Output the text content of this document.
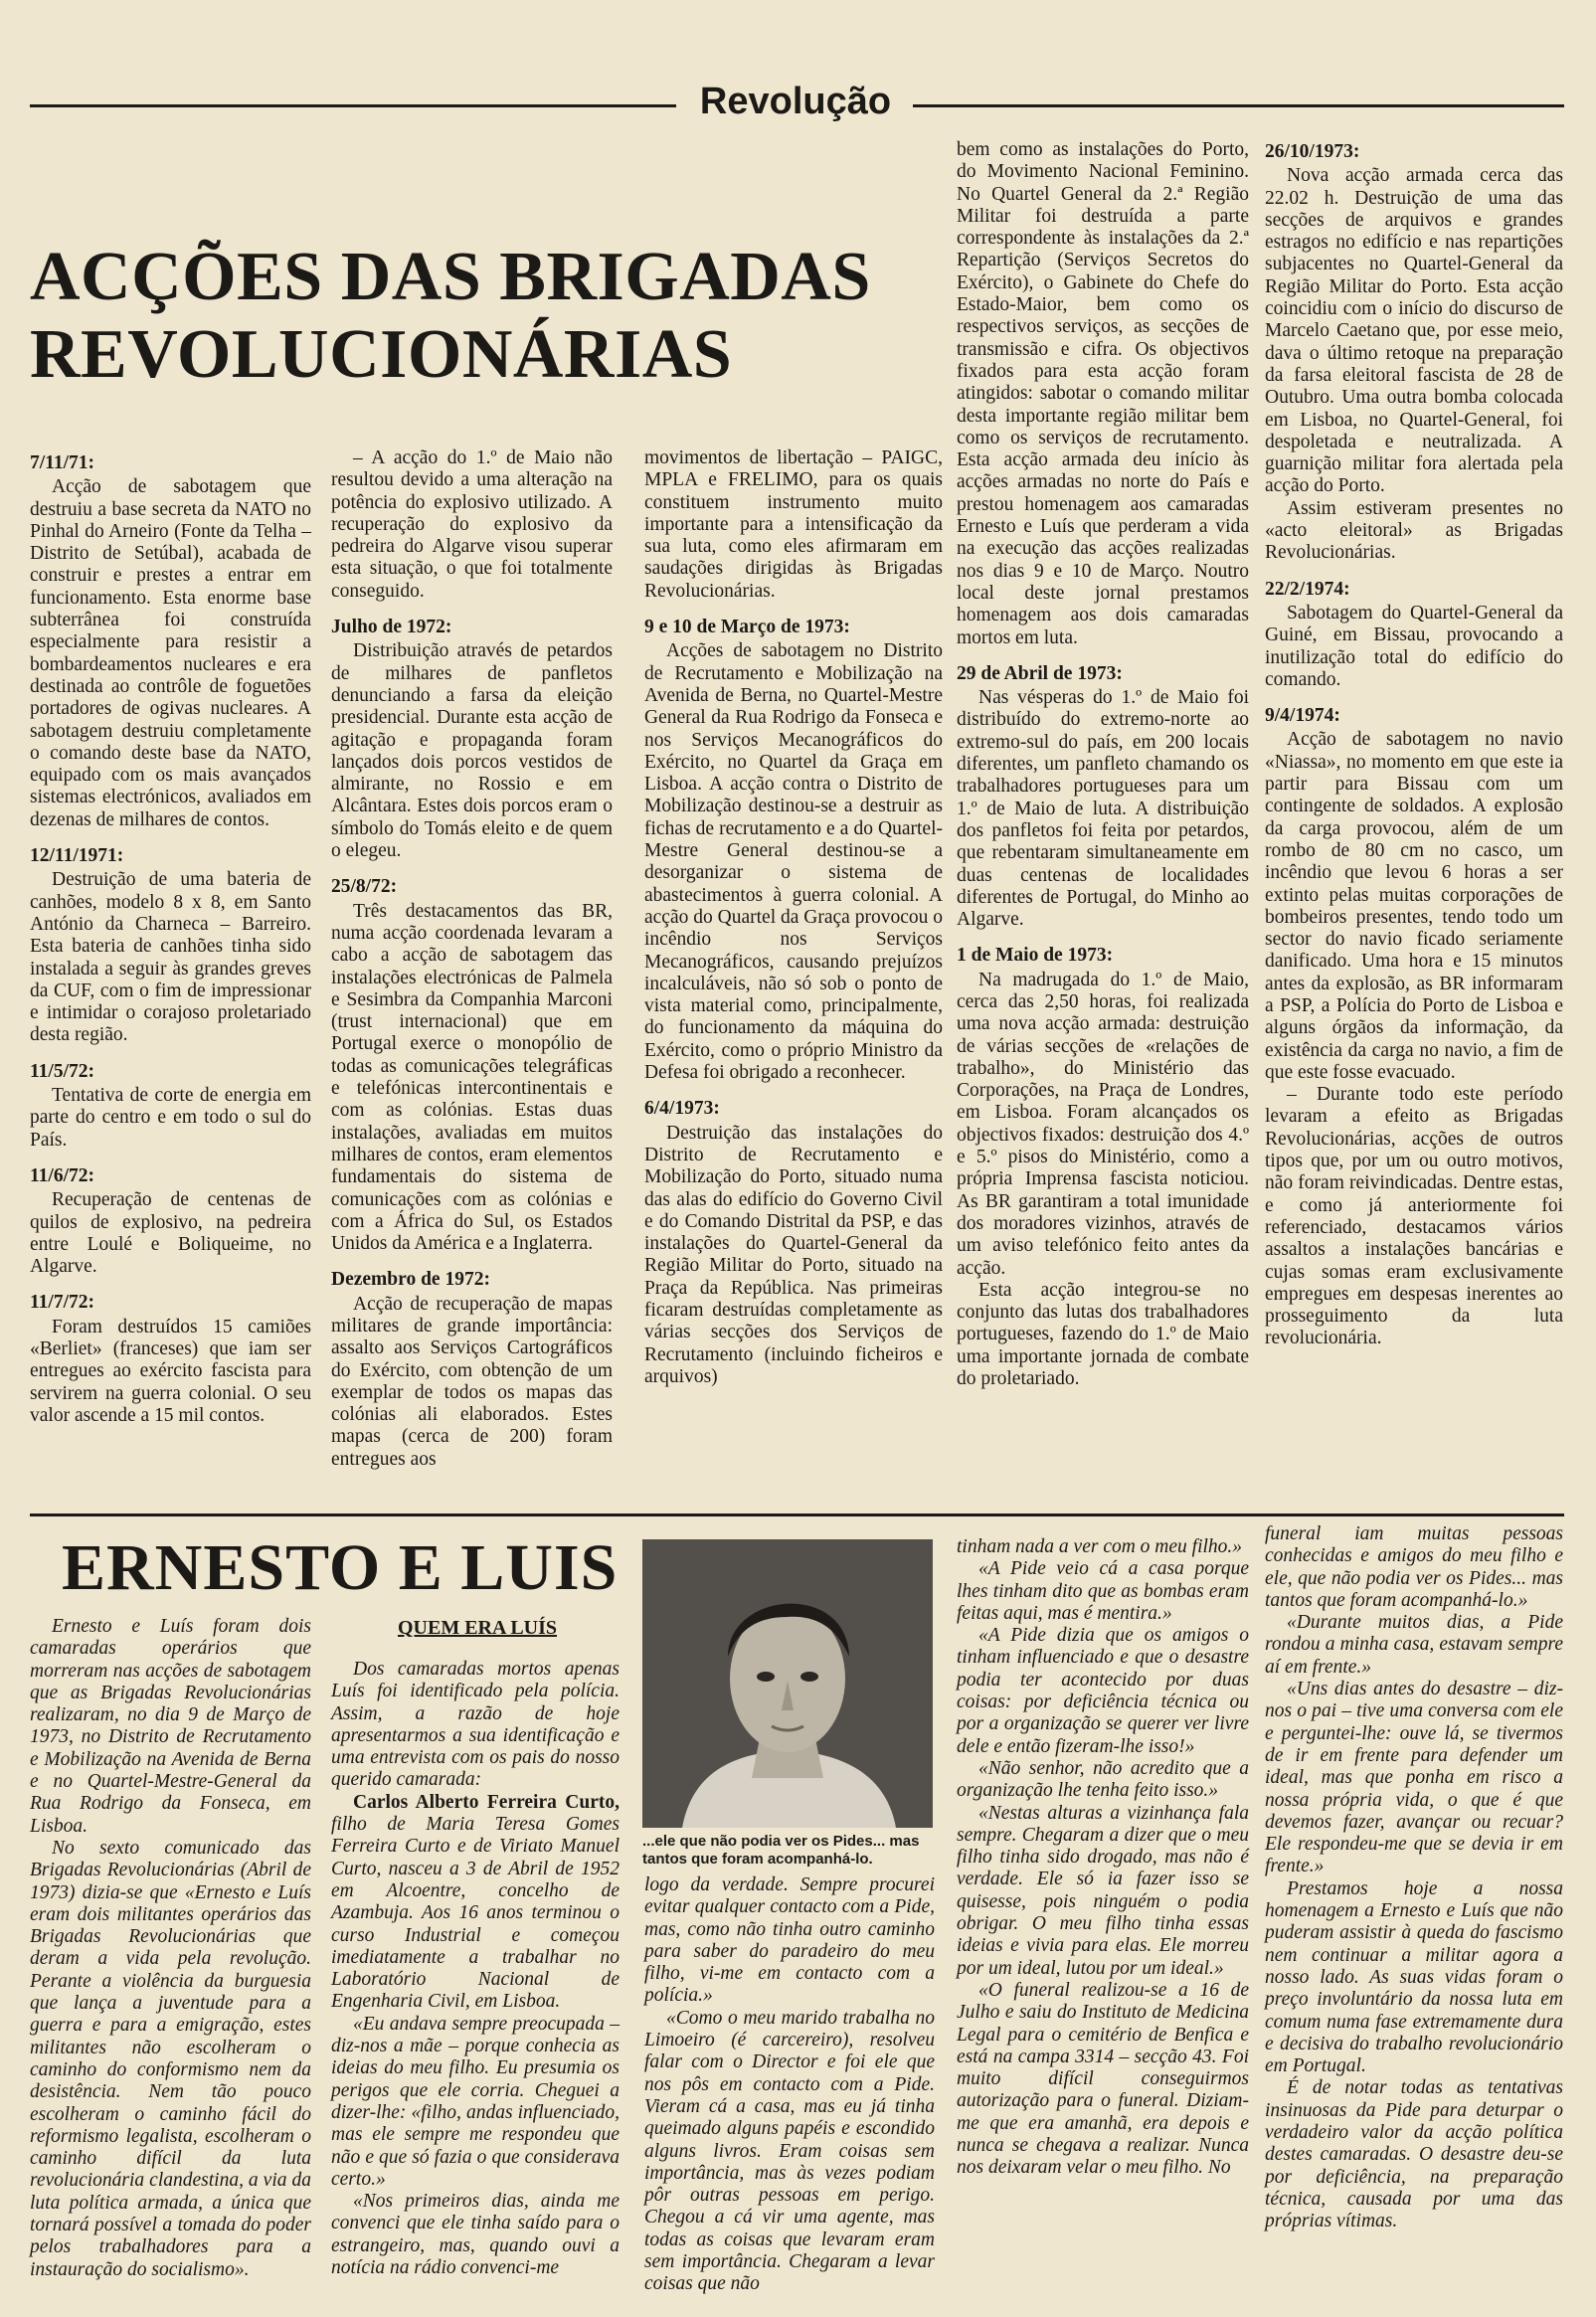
Revolução
ACÇÕES DAS BRIGADAS
REVOLUCIONÁRIAS
7/11/71:

Acção de sabotagem que destruiu a base secreta da NATO no Pinhal do Arneiro (Fonte da Telha – Distrito de Setúbal), acabada de construir e prestes a entrar em funcionamento. Esta enorme base subterrânea foi construída especialmente para resistir a bombardeamentos nucleares e era destinada ao contrôle de foguetões portadores de ogivas nucleares. A sabotagem destruiu completamente o comando deste base da NATO, equipado com os mais avançados sistemas electrónicos, avaliados em dezenas de milhares de contos.

12/11/1971:

Destruição de uma bateria de canhões, modelo 8 x 8, em Santo António da Charneca – Barreiro. Esta bateria de canhões tinha sido instalada a seguir às grandes greves da CUF, com o fim de impressionar e intimidar o corajoso proletariado desta região.

11/5/72:

Tentativa de corte de energia em parte do centro e em todo o sul do País.

11/6/72:

Recuperação de centenas de quilos de explosivo, na pedreira entre Loulé e Boliqueime, no Algarve.

11/7/72:

Foram destruídos 15 camiões «Berliet» (franceses) que iam ser entregues ao exército fascista para servirem na guerra colonial. O seu valor ascende a 15 mil contos.

– A acção do 1.º de Maio não resultou devido a uma alteração na potência do explosivo utilizado. A recuperação do explosivo da pedreira do Algarve visou superar esta situação, o que foi totalmente conseguido.

Julho de 1972:

Distribuição através de petardos de milhares de panfletos denunciando a farsa da eleição presidencial. Durante esta acção de agitação e propaganda foram lançados dois porcos vestidos de almirante, no Rossio e em Alcântara. Estes dois porcos eram o símbolo do Tomás eleito e de quem o elegeu.

25/8/72:

Três destacamentos das BR, numa acção coordenada levaram a cabo a acção de sabotagem das instalações electrónicas de Palmela e Sesimbra da Companhia Marconi (trust internacional) que em Portugal exerce o monopólio de todas as comunicações telegráficas e telefónicas intercontinentais e com as colónias. Estas duas instalações, avaliadas em muitos milhares de contos, eram elementos fundamentais do sistema de comunicações com as colónias e com a África do Sul, os Estados Unidos da América e a Inglaterra.

Dezembro de 1972:

Acção de recuperação de mapas militares de grande importância: assalto aos Serviços Cartográficos do Exército, com obtenção de um exemplar de todos os mapas das colónias ali elaborados. Estes mapas (cerca de 200) foram entregues aos

movimentos de libertação – PAIGC, MPLA e FRELIMO, para os quais constituem instrumento muito importante para a intensificação da sua luta, como eles afirmaram em saudações dirigidas às Brigadas Revolucionárias.

9 e 10 de Março de 1973:

Acções de sabotagem no Distrito de Recrutamento e Mobilização na Avenida de Berna, no Quartel-Mestre General da Rua Rodrigo da Fonseca e nos Serviços Mecanográficos do Exército, no Quartel da Graça em Lisboa. A acção contra o Distrito de Mobilização destinou-se a destruir as fichas de recrutamento e a do Quartel-Mestre General destinou-se a desorganizar o sistema de abastecimentos à guerra colonial. A acção do Quartel da Graça provocou o incêndio nos Serviços Mecanográficos, causando prejuízos incalculáveis, não só sob o ponto de vista material como, principalmente, do funcionamento da máquina do Exército, como o próprio Ministro da Defesa foi obrigado a reconhecer.

6/4/1973:

Destruição das instalações do Distrito de Recrutamento e Mobilização do Porto, situado numa das alas do edifício do Governo Civil e do Comando Distrital da PSP, e das instalações do Quartel-General da Região Militar do Porto, situado na Praça da República. Nas primeiras ficaram destruídas completamente as várias secções dos Serviços de Recrutamento (incluindo ficheiros e arquivos)

bem como as instalações do Porto, do Movimento Nacional Feminino. No Quartel General da 2.ª Região Militar foi destruída a parte correspondente às instalações da 2.ª Repartição (Serviços Secretos do Exército), o Gabinete do Chefe do Estado-Maior, bem como os respectivos serviços, as secções de transmissão e cifra. Os objectivos fixados para esta acção foram atingidos: sabotar o comando militar desta importante região militar bem como os serviços de recrutamento. Esta acção armada deu início às acções armadas no norte do País e prestou homenagem aos camaradas Ernesto e Luís que perderam a vida na execução das acções realizadas nos dias 9 e 10 de Março. Noutro local deste jornal prestamos homenagem aos dois camaradas mortos em luta.

29 de Abril de 1973:

Nas vésperas do 1.º de Maio foi distribuído do extremo-norte ao extremo-sul do país, em 200 locais diferentes, um panfleto chamando os trabalhadores portugueses para um 1.º de Maio de luta. A distribuição dos panfletos foi feita por petardos, que rebentaram simultaneamente em duas centenas de localidades diferentes de Portugal, do Minho ao Algarve.

1 de Maio de 1973:

Na madrugada do 1.º de Maio, cerca das 2,50 horas, foi realizada uma nova acção armada: destruição de várias secções de «relações de trabalho», do Ministério das Corporações, na Praça de Londres, em Lisboa. Foram alcançados os objectivos fixados: destruição dos 4.º e 5.º pisos do Ministério, como a própria Imprensa fascista noticiou. As BR garantiram a total imunidade dos moradores vizinhos, através de um aviso telefónico feito antes da acção.

Esta acção integrou-se no conjunto das lutas dos trabalhadores portugueses, fazendo do 1.º de Maio uma importante jornada de combate do proletariado.

26/10/1973:

Nova acção armada cerca das 22.02 h. Destruição de uma das secções de arquivos e grandes estragos no edifício e nas repartições subjacentes no Quartel-General da Região Militar do Porto. Esta acção coincidiu com o início do discurso de Marcelo Caetano que, por esse meio, dava o último retoque na preparação da farsa eleitoral fascista de 28 de Outubro. Uma outra bomba colocada em Lisboa, no Quartel-General, foi despoletada e neutralizada. A guarnição militar fora alertada pela acção do Porto.

Assim estiveram presentes no «acto eleitoral» as Brigadas Revolucionárias.

22/2/1974:

Sabotagem do Quartel-General da Guiné, em Bissau, provocando a inutilização total do edifício do comando.

9/4/1974:

Acção de sabotagem no navio «Niassa», no momento em que este ia partir para Bissau com um contingente de soldados. A explosão da carga provocou, além de um rombo de 80 cm no casco, um incêndio que levou 6 horas a ser extinto pelas muitas corporações de bombeiros presentes, tendo todo um sector do navio ficado seriamente danificado. Uma hora e 15 minutos antes da explosão, as BR informaram a PSP, a Polícia do Porto de Lisboa e alguns órgãos da informação, da existência da carga no navio, a fim de que este fosse evacuado.

– Durante todo este período levaram a efeito as Brigadas Revolucionárias, acções de outros tipos que, por um ou outro motivos, não foram reivindicadas. Dentre estas, e como já anteriormente foi referenciado, destacamos vários assaltos a instalações bancárias e cujas somas eram exclusivamente empregues em despesas inerentes ao prosseguimento da luta revolucionária.

ERNESTO E LUIS

Ernesto e Luís foram dois camaradas operários que morreram nas acções de sabotagem que as Brigadas Revolucionárias realizaram, no dia 9 de Março de 1973, no Distrito de Recrutamento e Mobilização na Avenida de Berna e no Quartel-Mestre-General da Rua Rodrigo da Fonseca, em Lisboa.

No sexto comunicado das Brigadas Revolucionárias (Abril de 1973) dizia-se que «Ernesto e Luís eram dois militantes operários das Brigadas Revolucionárias que deram a vida pela revolução. Perante a violência da burguesia que lança a juventude para a guerra e para a emigração, estes militantes não escolheram o caminho do conformismo nem da desistência. Nem tão pouco escolheram o caminho fácil do reformismo legalista, escolheram o caminho difícil da luta revolucionária clandestina, a via da luta política armada, a única que tornará possível a tomada do poder pelos trabalhadores para a instauração do socialismo».

QUEM ERA LUÍS

Dos camaradas mortos apenas Luís foi identificado pela polícia. Assim, a razão de hoje apresentarmos a sua identificação e uma entrevista com os pais do nosso querido camarada:

Carlos Alberto Ferreira Curto, filho de Maria Teresa Gomes Ferreira Curto e de Viriato Manuel Curto, nasceu a 3 de Abril de 1952 em Alcoentre, concelho de Azambuja. Aos 16 anos terminou o curso Industrial e começou imediatamente a trabalhar no Laboratório Nacional de Engenharia Civil, em Lisboa.

«Eu andava sempre preocupada – diz-nos a mãe – porque conhecia as ideias do meu filho. Eu presumia os perigos que ele corria. Cheguei a dizer-lhe: «filho, andas influenciado, mas ele sempre me respondeu que não e que só fazia o que considerava certo.»

«Nos primeiros dias, ainda me convenci que ele tinha saído para o estrangeiro, mas, quando ouvi a notícia na rádio convenci-me

...ele que não podia ver os Pides... mas tantos que foram acompanhá-lo.

logo da verdade. Sempre procurei evitar qualquer contacto com a Pide, mas, como não tinha outro caminho para saber do paradeiro do meu filho, vi-me em contacto com a polícia.»

«Como o meu marido trabalha no Limoeiro (é carcereiro), resolveu falar com o Director e foi ele que nos pôs em contacto com a Pide. Vieram cá a casa, mas eu já tinha queimado alguns papéis e escondido alguns livros. Eram coisas sem importância, mas às vezes podiam pôr outras pessoas em perigo. Chegou a cá vir uma agente, mas todas as coisas que levaram eram sem importância. Chegaram a levar coisas que não

tinham nada a ver com o meu filho.»

«A Pide veio cá a casa porque lhes tinham dito que as bombas eram feitas aqui, mas é mentira.»

«A Pide dizia que os amigos o tinham influenciado e que o desastre podia ter acontecido por duas coisas: por deficiência técnica ou por a organização se querer ver livre dele e então fizeram-lhe isso!»

«Não senhor, não acredito que a organização lhe tenha feito isso.»

«Nestas alturas a vizinhança fala sempre. Chegaram a dizer que o meu filho tinha sido drogado, mas não é verdade. Ele só ia fazer isso se quisesse, pois ninguém o podia obrigar. O meu filho tinha essas ideias e vivia para elas. Ele morreu por um ideal, lutou por um ideal.»

«O funeral realizou-se a 16 de Julho e saiu do Instituto de Medicina Legal para o cemitério de Benfica e está na campa 3314 – secção 43. Foi muito difícil conseguirmos autorização para o funeral. Diziam-me que era amanhã, era depois e nunca se chegava a realizar. Nunca nos deixaram velar o meu filho. No

funeral iam muitas pessoas conhecidas e amigos do meu filho e ele, que não podia ver os Pides... mas tantos que foram acompanhá-lo.»

«Durante muitos dias, a Pide rondou a minha casa, estavam sempre aí em frente.»

«Uns dias antes do desastre – diz-nos o pai – tive uma conversa com ele e perguntei-lhe: ouve lá, se tivermos de ir em frente para defender um ideal, mas que ponha em risco a nossa própria vida, o que é que devemos fazer, avançar ou recuar? Ele respondeu-me que se devia ir em frente.»

Prestamos hoje a nossa homenagem a Ernesto e Luís que não puderam assistir à queda do fascismo nem continuar a militar agora a nosso lado. As suas vidas foram o preço involuntário da nossa luta em comum numa fase extremamente dura e decisiva do trabalho revolucionário em Portugal.

É de notar todas as tentativas insinuosas da Pide para deturpar o verdadeiro valor da acção política destes camaradas. O desastre deu-se por deficiência, na preparação técnica, causada por uma das próprias vítimas.
